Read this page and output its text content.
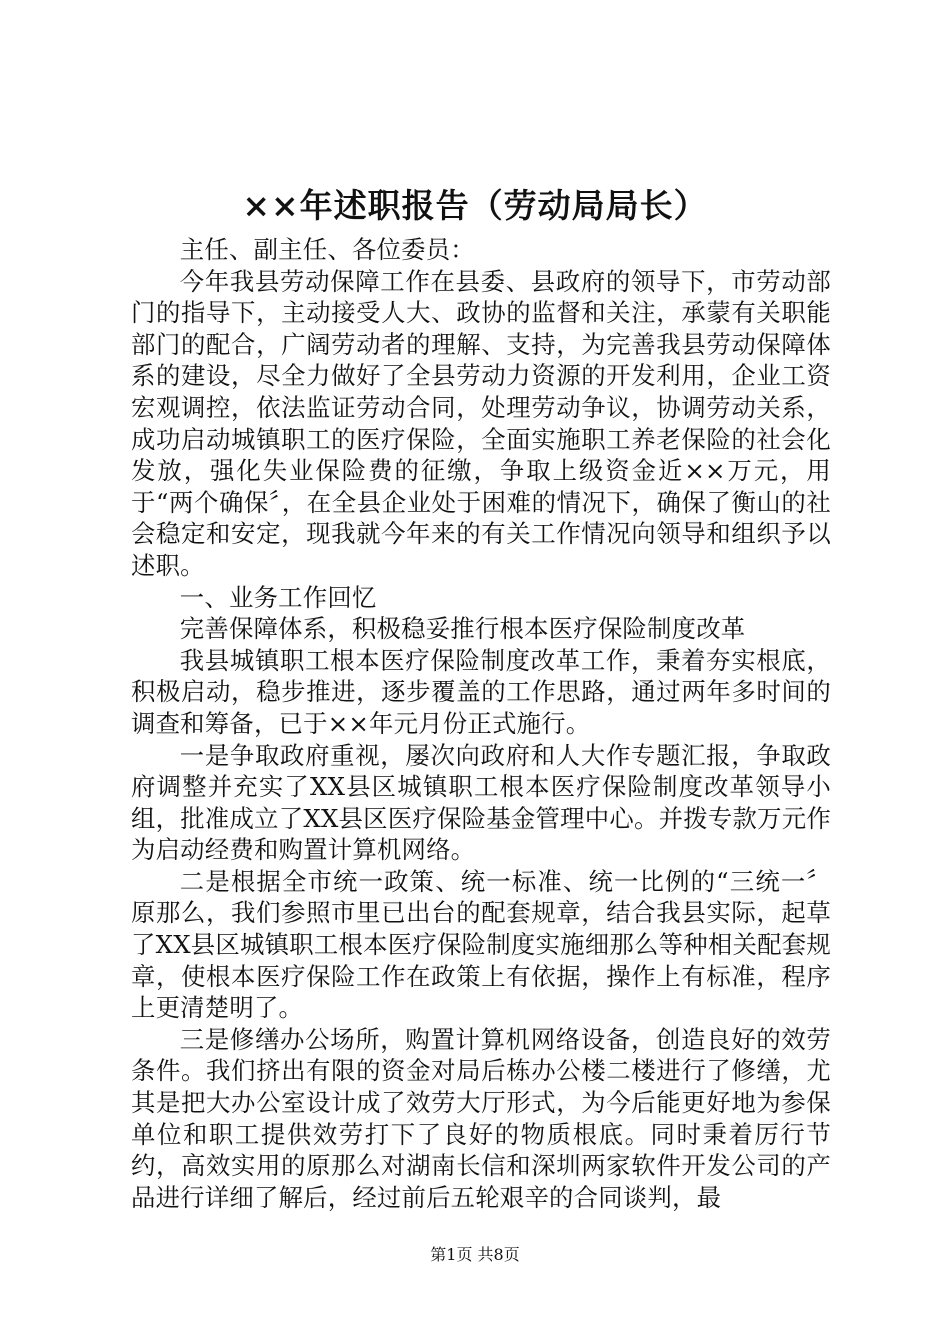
××年述职报告（劳动局局长）

主任、副主任、各位委员：

今年我县劳动保障工作在县委、县政府的领导下，市劳动部门的指导下，主动接受人大、政协的监督和关注，承蒙有关职能部门的配合，广阔劳动者的理解、支持，为完善我县劳动保障体系的建设，尽全力做好了全县劳动力资源的开发利用，企业工资宏观调控，依法监证劳动合同，处理劳动争议，协调劳动关系，成功启动城镇职工的医疗保险，全面实施职工养老保险的社会化发放，强化失业保险费的征缴，争取上级资金近××万元，用于“两个确保〞，在全县企业处于困难的情况下，确保了衡山的社会稳定和安定，现我就今年来的有关工作情况向领导和组织予以述职。

一、业务工作回忆

完善保障体系，积极稳妥推行根本医疗保险制度改革

我县城镇职工根本医疗保险制度改革工作，秉着夯实根底，积极启动，稳步推进，逐步覆盖的工作思路，通过两年多时间的调查和筹备，已于××年元月份正式施行。

一是争取政府重视，屡次向政府和人大作专题汇报，争取政府调整并充实了XX县区城镇职工根本医疗保险制度改革领导小组，批准成立了XX县区医疗保险基金管理中心。并拨专款万元作为启动经费和购置计算机网络。

二是根据全市统一政策、统一标准、统一比例的“三统一〞原那么，我们参照市里已出台的配套规章，结合我县实际，起草了XX县区城镇职工根本医疗保险制度实施细那么等种相关配套规章，使根本医疗保险工作在政策上有依据，操作上有标准，程序上更清楚明了。

三是修缮办公场所，购置计算机网络设备，创造良好的效劳条件。我们挤出有限的资金对局后栋办公楼二楼进行了修缮，尤其是把大办公室设计成了效劳大厅形式，为今后能更好地为参保单位和职工提供效劳打下了良好的物质根底。同时秉着厉行节约，高效实用的原那么对湖南长信和深圳两家软件开发公司的产品进行详细了解后，经过前后五轮艰辛的合同谈判，最

第1页 共8页
